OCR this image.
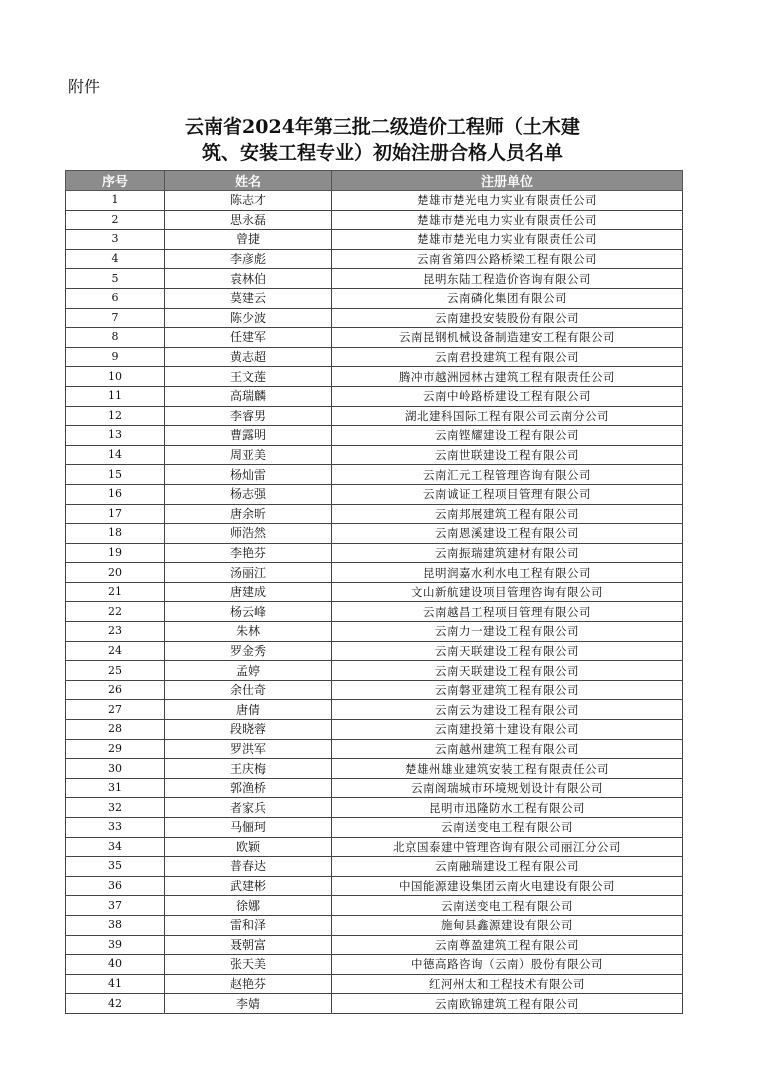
附件
云南省2024年第三批二级造价工程师（土木建
筑、安装工程专业）初始注册合格人员名单
序号	姓名	注册单位
1	陈志才	楚雄市楚光电力实业有限责任公司
2	思永磊	楚雄市楚光电力实业有限责任公司
3	曾捷	楚雄市楚光电力实业有限责任公司
4	李彦彪	云南省第四公路桥梁工程有限公司
5	袁林伯	昆明东陆工程造价咨询有限公司
6	莫建云	云南磷化集团有限公司
7	陈少波	云南建投安装股份有限公司
8	任建军	云南昆钢机械设备制造建安工程有限公司
9	黄志超	云南君投建筑工程有限公司
10	王文莲	腾冲市越洲园林古建筑工程有限责任公司
11	高瑞麟	云南中岭路桥建设工程有限公司
12	李睿男	湖北建科国际工程有限公司云南分公司
13	曹露明	云南铿耀建设工程有限公司
14	周亚美	云南世联建设工程有限公司
15	杨灿雷	云南汇元工程管理咨询有限公司
16	杨志强	云南诚证工程项目管理有限公司
17	唐余昕	云南邦展建筑工程有限公司
18	师浩然	云南恩溪建设工程有限公司
19	李艳芬	云南振瑞建筑建材有限公司
20	汤丽江	昆明润嘉水利水电工程有限公司
21	唐建成	文山新航建设项目管理咨询有限公司
22	杨云峰	云南越昌工程项目管理有限公司
23	朱林	云南力一建设工程有限公司
24	罗金秀	云南天联建设工程有限公司
25	孟婷	云南天联建设工程有限公司
26	余仕奇	云南磐亚建筑工程有限公司
27	唐倩	云南云为建设工程有限公司
28	段晓蓉	云南建投第十建设有限公司
29	罗洪军	云南越州建筑工程有限公司
30	王庆梅	楚雄州雄业建筑安装工程有限责任公司
31	郭渔桥	云南阁瑞城市环境规划设计有限公司
32	者家兵	昆明市迅隆防水工程有限公司
33	马俪珂	云南送变电工程有限公司
34	欧颖	北京国泰建中管理咨询有限公司丽江分公司
35	普春达	云南融瑞建设工程有限公司
36	武建彬	中国能源建设集团云南火电建设有限公司
37	徐娜	云南送变电工程有限公司
38	雷和泽	施甸县鑫源建设有限公司
39	聂朝富	云南尊盈建筑工程有限公司
40	张天美	中德高路咨询（云南）股份有限公司
41	赵艳芬	红河州太和工程技术有限公司
42	李婧	云南欧锦建筑工程有限公司
